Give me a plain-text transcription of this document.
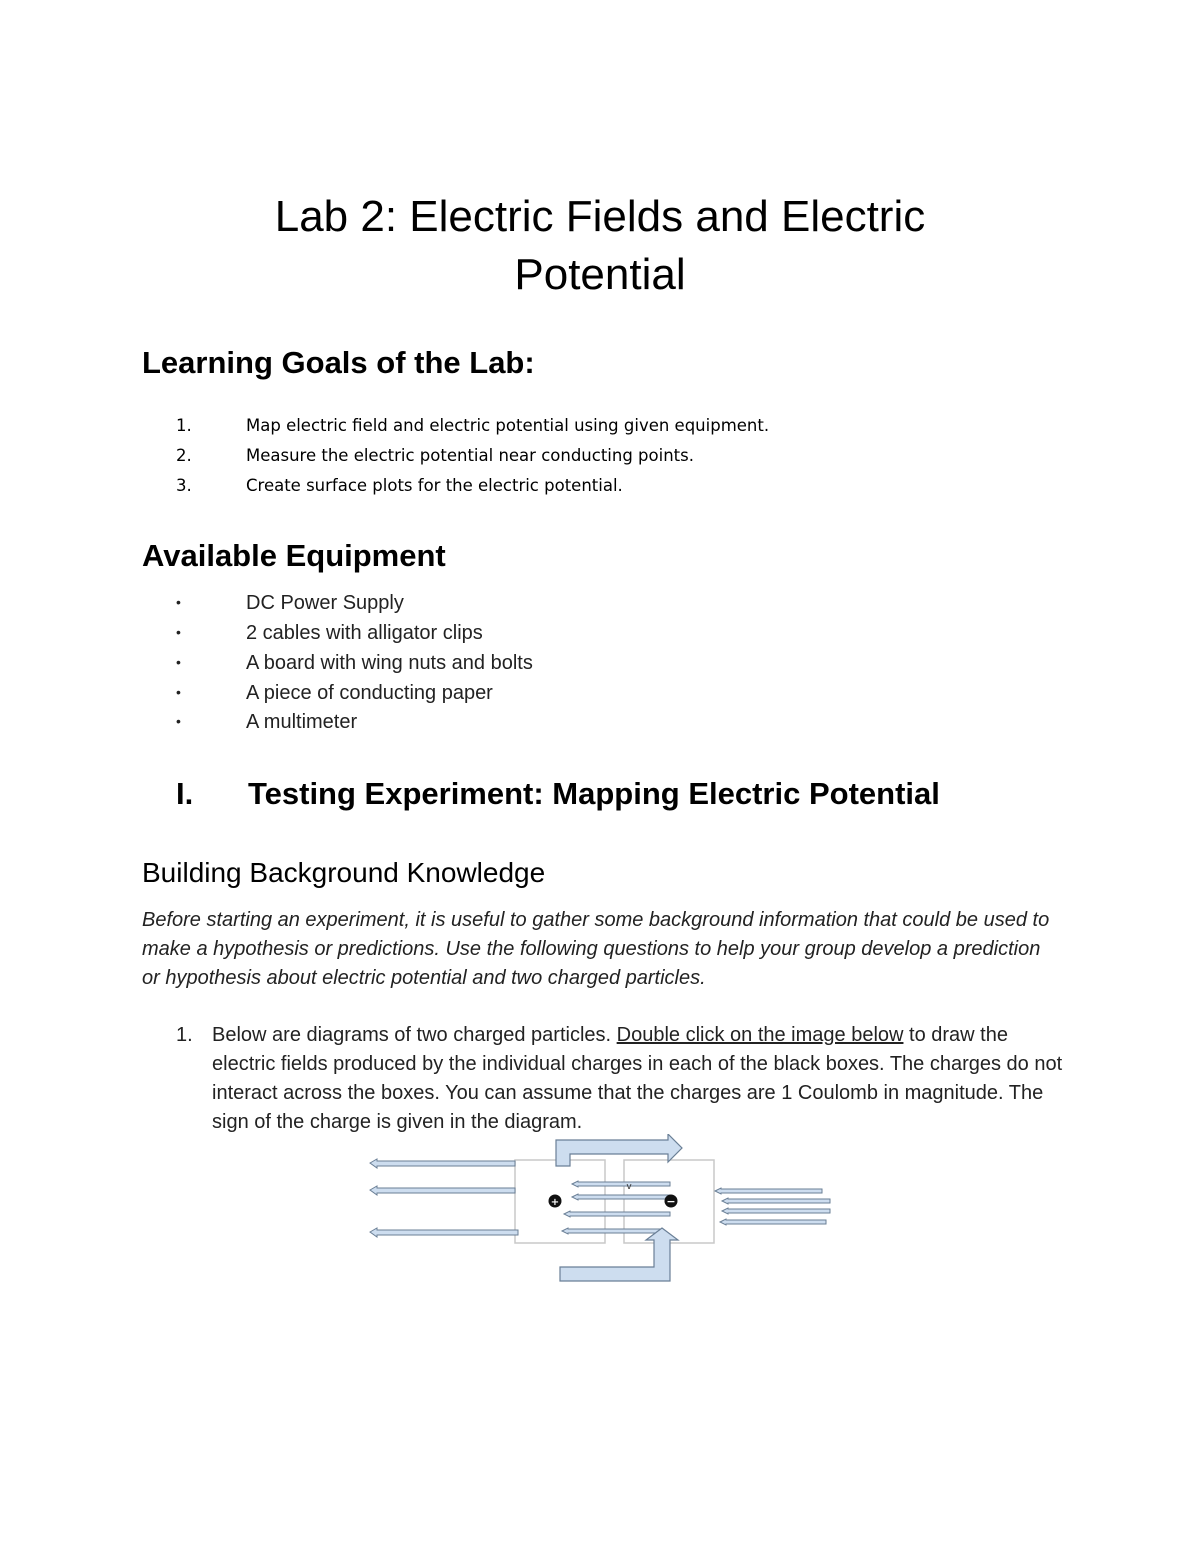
Lab 2: Electric Fields and Electric
Potential
Learning Goals of the Lab:

1.	Map electric field and electric potential using given equipment.

2.	Measure the electric potential near conducting points.

3.	Create surface plots for the electric potential.

Available Equipment

•	DC Power Supply

•	2 cables with alligator clips

•	A board with wing nuts and bolts

•	A piece of conducting paper

•	A multimeter

I. Testing Experiment: Mapping Electric Potential
Building Background Knowledge

Before starting an experiment, it is useful to gather some background information that could be used to make a hypothesis or predictions. Use the following questions to help your group develop a prediction or hypothesis about electric potential and two charged particles.

1. Below are diagrams of two charged particles. Double click on the image below to draw the electric fields produced by the individual charges in each of the black boxes. The charges do not interact across the boxes. You can assume that the charges are 1 Coulomb in magnitude. The sign of the charge is given in the diagram.
+	−
v
